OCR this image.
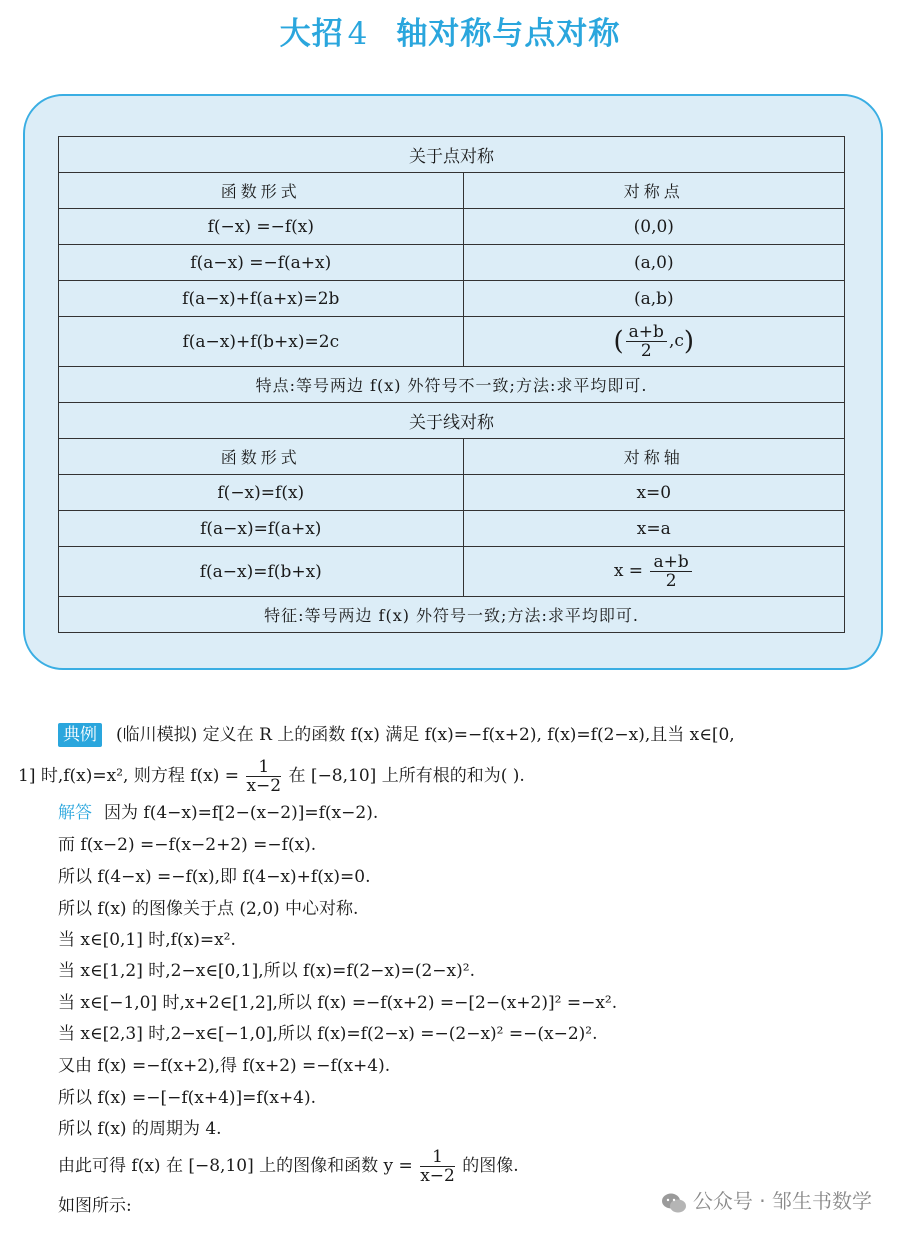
大招 4 轴对称与点对称
关于点对称	
函数形式	对称点
f(−x) =−f(x)	(0,0)
f(a−x) =−f(a+x)	(a,0)
f(a−x)+f(a+x)=2b	(a,b)
f(a−x)+f(b+x)=2c	( $\frac{a+b}{2} ,c$)
特点:等号两边 f(x) 外符号不一致;方法:求平均即可.	
关于线对称	
函数形式	对称轴
f(−x)=f(x)	x=0
f(a−x)=f(a+x)	x=a
f(a−x)=f(b+x)	$x = \frac{a+b}{2}$

特征:等号两边 f(x) 外符号一致;方法:求平均即可.	
典例 (临川模拟) 定义在 R 上的函数 f(x) 满足 f(x)=−f(x+2), f(x)=f(2−x),且当 x∈[0,
1] 时,f(x)=x², 则方程 $f(x) = \frac{1}{x-2}$ 在 [−8,10] 上所有根的和为( ).
解答 因为 f(4−x)=f[2−(x−2)]=f(x−2).
而 f(x−2) =−f(x−2+2) =−f(x).
所以 f(4−x) =−f(x),即 f(4−x)+f(x)=0.
所以 f(x) 的图像关于点 (2,0) 中心对称.
当 x∈[0,1] 时,f(x)=x².
当 x∈[1,2] 时,2−x∈[0,1],所以 f(x)=f(2−x)=(2−x)².
当 x∈[−1,0] 时,x+2∈[1,2],所以 f(x) =−f(x+2) =−[2−(x+2)]² =−x².
当 x∈[2,3] 时,2−x∈[−1,0],所以 f(x)=f(2−x) =−(2−x)² =−(x−2)².
又由 f(x) =−f(x+2),得 f(x+2) =−f(x+4).
所以 f(x) =−[−f(x+4)]=f(x+4).
所以 f(x) 的周期为 4.
由此可得 f(x) 在 [−8,10] 上的图像和函数 $y = \frac{1}{x-2}$ 的图像.
如图所示:	公众号 · 邹生书数学
